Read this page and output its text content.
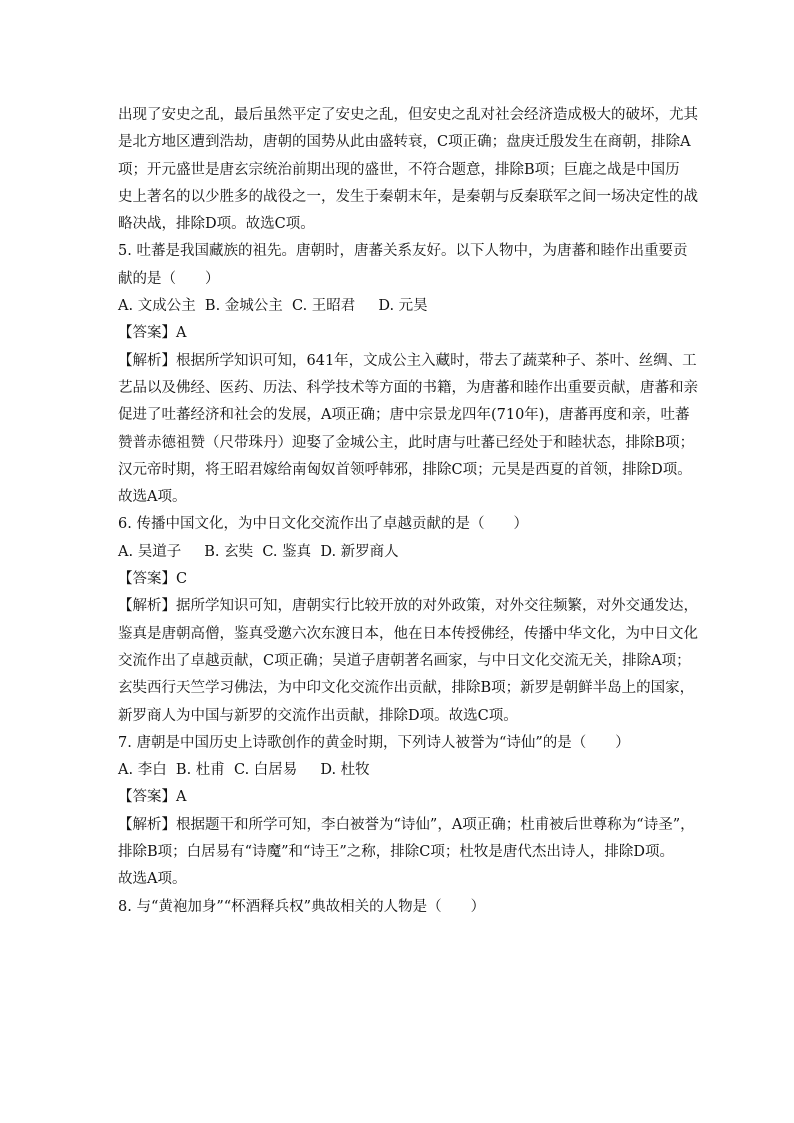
出现了安史之乱，最后虽然平定了安史之乱，但安史之乱对社会经济造成极大的破坏，尤其
是北方地区遭到浩劫，唐朝的国势从此由盛转衰，C项正确；盘庚迁殷发生在商朝，排除A
项；开元盛世是唐玄宗统治前期出现的盛世，不符合题意，排除B项；巨鹿之战是中国历
史上著名的以少胜多的战役之一，发生于秦朝末年，是秦朝与反秦联军之间一场决定性的战
略决战，排除D项。故选C项。
5. 吐蕃是我国藏族的祖先。唐朝时，唐蕃关系友好。以下人物中，为唐蕃和睦作出重要贡
献的是（　　）
A. 文成公主  B. 金城公主  C. 王昭君     D. 元昊
【答案】A
【解析】根据所学知识可知，641年，文成公主入藏时，带去了蔬菜种子、茶叶、丝绸、工
艺品以及佛经、医药、历法、科学技术等方面的书籍，为唐蕃和睦作出重要贡献，唐蕃和亲
促进了吐蕃经济和社会的发展，A项正确；唐中宗景龙四年(710年)，唐蕃再度和亲，吐蕃
赞普赤德祖赞（尺带珠丹）迎娶了金城公主，此时唐与吐蕃已经处于和睦状态，排除B项；
汉元帝时期，将王昭君嫁给南匈奴首领呼韩邪，排除C项；元昊是西夏的首领，排除D项。
故选A项。
6. 传播中国文化，为中日文化交流作出了卓越贡献的是（　　）
A. 吴道子     B. 玄奘  C. 鉴真  D. 新罗商人
【答案】C
【解析】据所学知识可知，唐朝实行比较开放的对外政策，对外交往频繁，对外交通发达，
鉴真是唐朝高僧，鉴真受邀六次东渡日本，他在日本传授佛经，传播中华文化，为中日文化
交流作出了卓越贡献，C项正确；吴道子唐朝著名画家，与中日文化交流无关，排除A项；
玄奘西行天竺学习佛法，为中印文化交流作出贡献，排除B项；新罗是朝鲜半岛上的国家，
新罗商人为中国与新罗的交流作出贡献，排除D项。故选C项。
7. 唐朝是中国历史上诗歌创作的黄金时期，下列诗人被誉为“诗仙”的是（　　）
A. 李白  B. 杜甫  C. 白居易     D. 杜牧
【答案】A
【解析】根据题干和所学可知，李白被誉为“诗仙”，A项正确；杜甫被后世尊称为“诗圣”，
排除B项；白居易有“诗魔”和“诗王”之称，排除C项；杜牧是唐代杰出诗人，排除D项。
故选A项。
8. 与“黄袍加身”“杯酒释兵权”典故相关的人物是（　　）
